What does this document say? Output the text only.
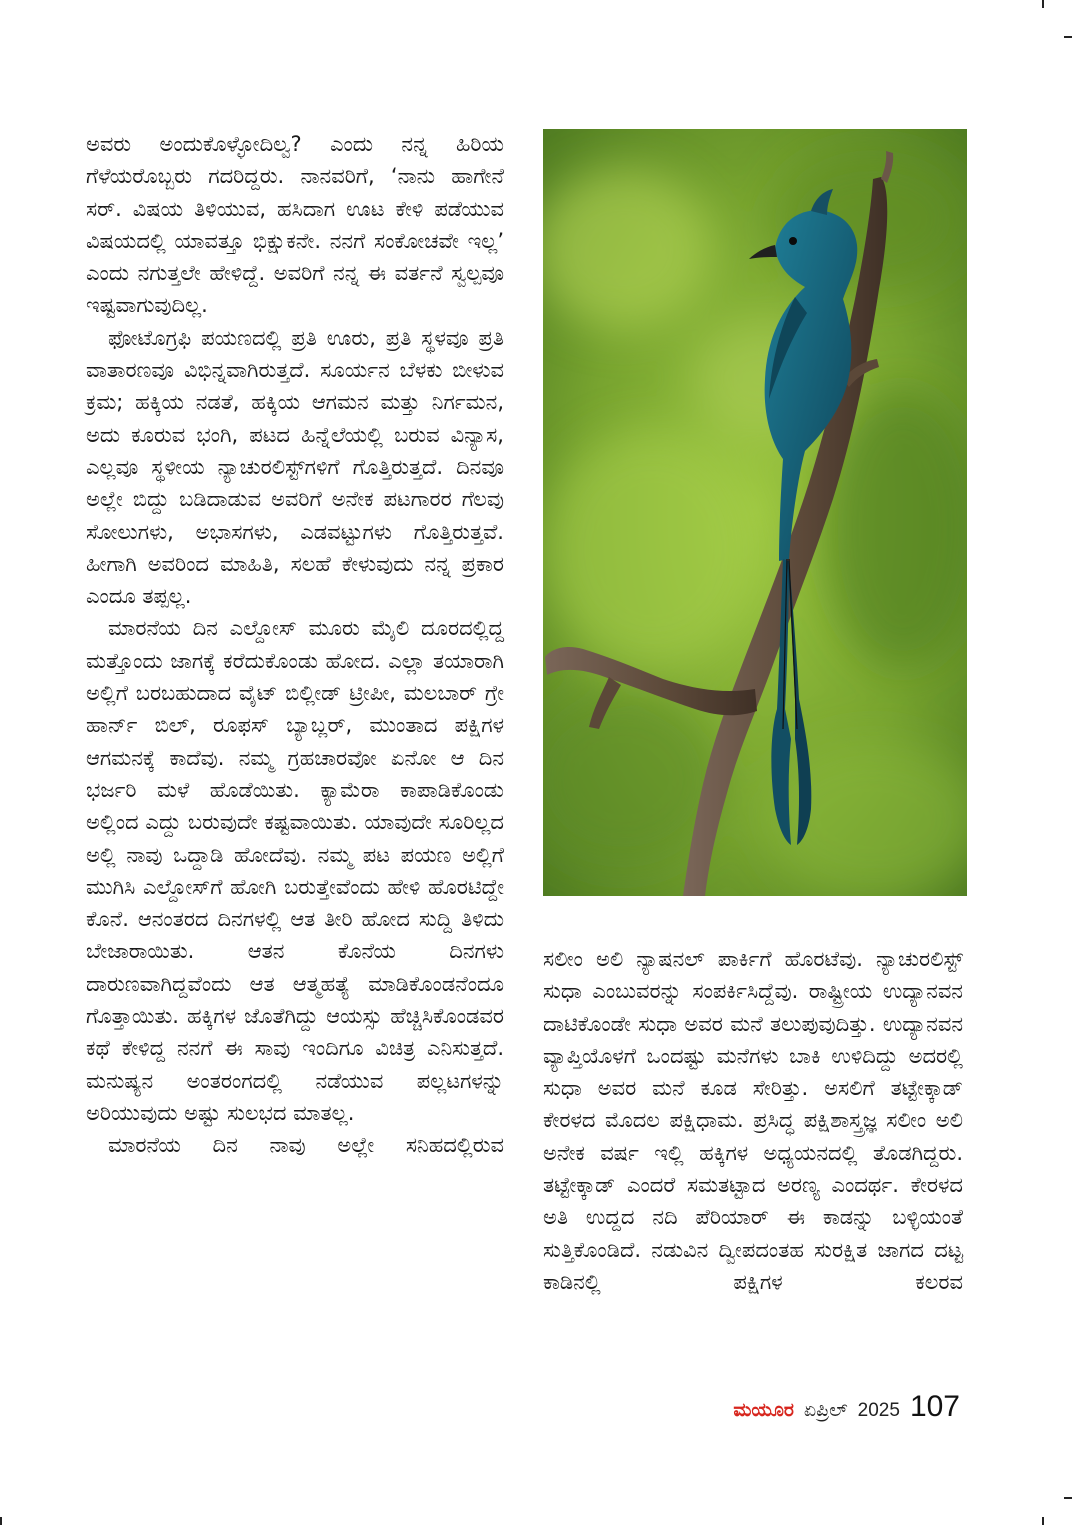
ಅವರು ಅಂದುಕೊಳ್ಳೋದಿಲ್ವ? ಎಂದು ನನ್ನ ಹಿರಿಯ ಗೆಳೆಯರೊಬ್ಬರು ಗದರಿದ್ದರು. ನಾನವರಿಗೆ, ‘ನಾನು ಹಾಗೇನೆ ಸರ್. ವಿಷಯ ತಿಳಿಯುವ, ಹಸಿದಾಗ ಊಟ ಕೇಳಿ ಪಡೆಯುವ ವಿಷಯದಲ್ಲಿ ಯಾವತ್ತೂ ಭಿಕ್ಷುಕನೇ. ನನಗೆ ಸಂಕೋಚವೇ ಇಲ್ಲ’ ಎಂದು ನಗುತ್ತಲೇ ಹೇಳಿದ್ದೆ. ಅವರಿಗೆ ನನ್ನ ಈ ವರ್ತನೆ ಸ್ವಲ್ಪವೂ ಇಷ್ಟವಾಗುವುದಿಲ್ಲ.

ಫೋಟೊಗ್ರಫಿ ಪಯಣದಲ್ಲಿ ಪ್ರತಿ ಊರು, ಪ್ರತಿ ಸ್ಥಳವೂ ಪ್ರತಿ ವಾತಾರಣವೂ ವಿಭಿನ್ನವಾಗಿರುತ್ತದೆ. ಸೂರ್ಯನ ಬೆಳಕು ಬೀಳುವ ಕ್ರಮ; ಹಕ್ಕಿಯ ನಡತೆ, ಹಕ್ಕಿಯ ಆಗಮನ ಮತ್ತು ನಿರ್ಗಮನ, ಅದು ಕೂರುವ ಭಂಗಿ, ಪಟದ ಹಿನ್ನೆಲೆಯಲ್ಲಿ ಬರುವ ವಿನ್ಯಾಸ, ಎಲ್ಲವೂ ಸ್ಥಳೀಯ ನ್ಯಾಚುರಲಿಸ್ಟ್‌ಗಳಿಗೆ ಗೊತ್ತಿರುತ್ತದೆ. ದಿನವೂ ಅಲ್ಲೇ ಬಿದ್ದು ಬಡಿದಾಡುವ ಅವರಿಗೆ ಅನೇಕ ಪಟಗಾರರ ಗೆಲವು ಸೋಲುಗಳು, ಅಭಾಸಗಳು, ಎಡವಟ್ಟುಗಳು ಗೊತ್ತಿರುತ್ತವೆ. ಹೀಗಾಗಿ ಅವರಿಂದ ಮಾಹಿತಿ, ಸಲಹೆ ಕೇಳುವುದು ನನ್ನ ಪ್ರಕಾರ ಎಂದೂ ತಪ್ಪಲ್ಲ.

ಮಾರನೆಯ ದಿನ ಎಲ್ದೋಸ್ ಮೂರು ಮೈಲಿ ದೂರದಲ್ಲಿದ್ದ ಮತ್ತೊಂದು ಜಾಗಕ್ಕೆ ಕರೆದುಕೊಂಡು ಹೋದ. ಎಲ್ಲಾ ತಯಾರಾಗಿ ಅಲ್ಲಿಗೆ ಬರಬಹುದಾದ ವೈಟ್ ಬಿಲ್ಲೀಡ್ ಟ್ರೀಪೀ, ಮಲಬಾರ್ ಗ್ರೇ ಹಾರ್ನ್‌ ಬಿಲ್, ರೂಫಸ್ ಬ್ಯಾಬ್ಲರ್, ಮುಂತಾದ ಪಕ್ಷಿಗಳ ಆಗಮನಕ್ಕೆ ಕಾದೆವು. ನಮ್ಮ ಗ್ರಹಚಾರವೋ ಏನೋ ಆ ದಿನ ಭರ್ಜರಿ ಮಳೆ ಹೊಡೆಯಿತು. ಕ್ಯಾಮೆರಾ ಕಾಪಾಡಿಕೊಂಡು ಅಲ್ಲಿಂದ ಎದ್ದು ಬರುವುದೇ ಕಷ್ಟವಾಯಿತು. ಯಾವುದೇ ಸೂರಿಲ್ಲದ ಅಲ್ಲಿ ನಾವು ಒದ್ದಾಡಿ ಹೋದೆವು. ನಮ್ಮ ಪಟ ಪಯಣ ಅಲ್ಲಿಗೆ ಮುಗಿಸಿ ಎಲ್ದೋಸ್‌ಗೆ ಹೋಗಿ ಬರುತ್ತೇವೆಂದು ಹೇಳಿ ಹೊರಟಿದ್ದೇ ಕೊನೆ. ಆನಂತರದ ದಿನಗಳಲ್ಲಿ ಆತ ತೀರಿ ಹೋದ ಸುದ್ದಿ ತಿಳಿದು ಬೇಜಾರಾಯಿತು. ಆತನ ಕೊನೆಯ ದಿನಗಳು ದಾರುಣವಾಗಿದ್ದವೆಂದು ಆತ ಆತ್ಮಹತ್ಯೆ ಮಾಡಿಕೊಂಡನೆಂದೂ ಗೊತ್ತಾಯಿತು. ಹಕ್ಕಿಗಳ ಜೊತೆಗಿದ್ದು ಆಯಸ್ಸು ಹೆಚ್ಚಿಸಿಕೊಂಡವರ ಕಥೆ ಕೇಳಿದ್ದ ನನಗೆ ಈ ಸಾವು ಇಂದಿಗೂ ವಿಚಿತ್ರ ಎನಿಸುತ್ತದೆ. ಮನುಷ್ಯನ ಅಂತರಂಗದಲ್ಲಿ ನಡೆಯುವ ಪಲ್ಲಟಗಳನ್ನು ಅರಿಯುವುದು ಅಷ್ಟು ಸುಲಭದ ಮಾತಲ್ಲ.

ಮಾರನೆಯ ದಿನ ನಾವು ಅಲ್ಲೇ ಸನಿಹದಲ್ಲಿರುವ

ಸಲೀಂ ಅಲಿ ನ್ಯಾಷನಲ್ ಪಾರ್ಕಿಗೆ ಹೊರಟೆವು. ನ್ಯಾಚುರಲಿಸ್ಟ್ ಸುಧಾ ಎಂಬುವರನ್ನು ಸಂಪರ್ಕಿಸಿದ್ದೆವು. ರಾಷ್ಟ್ರೀಯ ಉದ್ಯಾನವನ ದಾಟಿಕೊಂಡೇ ಸುಧಾ ಅವರ ಮನೆ ತಲುಪುವುದಿತ್ತು. ಉದ್ಯಾನವನ ವ್ಯಾಪ್ತಿಯೊಳಗೆ ಒಂದಷ್ಟು ಮನೆಗಳು ಬಾಕಿ ಉಳಿದಿದ್ದು ಅದರಲ್ಲಿ ಸುಧಾ ಅವರ ಮನೆ ಕೂಡ ಸೇರಿತ್ತು. ಅಸಲಿಗೆ ತಟ್ಟೇಕ್ಕಾಡ್ ಕೇರಳದ ಮೊದಲ ಪಕ್ಷಿಧಾಮ. ಪ್ರಸಿದ್ಧ ಪಕ್ಷಿಶಾಸ್ತ್ರಜ್ಞ ಸಲೀಂ ಅಲಿ ಅನೇಕ ವರ್ಷ ಇಲ್ಲಿ ಹಕ್ಕಿಗಳ ಅಧ್ಯಯನದಲ್ಲಿ ತೊಡಗಿದ್ದರು. ತಟ್ಟೇಕ್ಕಾಡ್ ಎಂದರೆ ಸಮತಟ್ಟಾದ ಅರಣ್ಯ ಎಂದರ್ಥ. ಕೇರಳದ ಅತಿ ಉದ್ದದ ನದಿ ಪೆರಿಯಾರ್ ಈ ಕಾಡನ್ನು ಬಳ್ಳಿಯಂತೆ ಸುತ್ತಿಕೊಂಡಿದೆ. ನಡುವಿನ ದ್ವೀಪದಂತಹ ಸುರಕ್ಷಿತ ಜಾಗದ ದಟ್ಟ ಕಾಡಿನಲ್ಲಿ ಪಕ್ಷಿಗಳ ಕಲರವ

ಮಯೂರ ಏಪ್ರಿಲ್ 2025 107
